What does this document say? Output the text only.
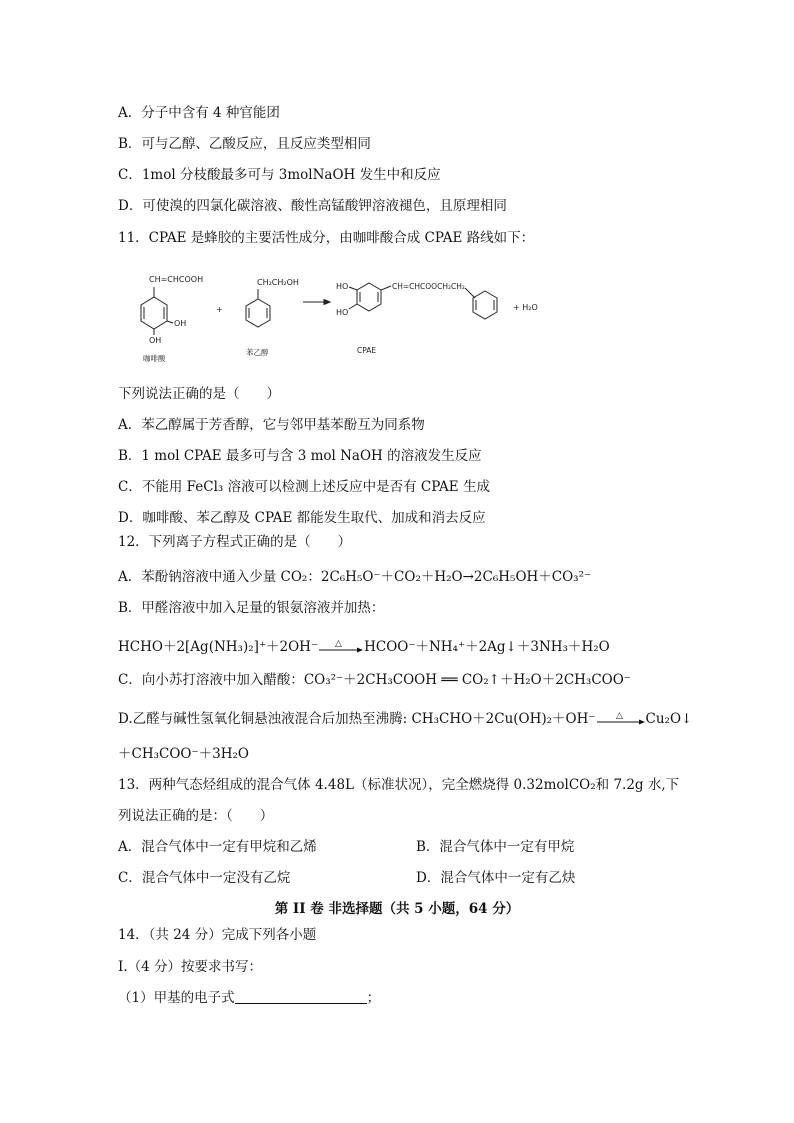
A．分子中含有 4 种官能团
B．可与乙醇、乙酸反应，且反应类型相同
C．1mol 分枝酸最多可与 3molNaOH 发生中和反应
D．可使溴的四氯化碳溶液、酸性高锰酸钾溶液褪色，且原理相同
11．CPAE 是蜂胶的主要活性成分，由咖啡酸合成 CPAE 路线如下：
CH=CHCOOH
OH
OH
咖啡酸
+
CH₂CH₂OH
苯乙醇
HO
HO
CH=CHCOOCH₂CH₂
CPAE
+ H₂O
下列说法正确的是（　　）
A．苯乙醇属于芳香醇，它与邻甲基苯酚互为同系物
B．1 mol CPAE 最多可与含 3 mol NaOH 的溶液发生反应
C．不能用 FeCl₃ 溶液可以检测上述反应中是否有 CPAE 生成
D．咖啡酸、苯乙醇及 CPAE 都能发生取代、加成和消去反应
12．下列离子方程式正确的是（　　）
A．苯酚钠溶液中通入少量 CO₂：2C₆H₅O⁻＋CO₂＋H₂O→2C₆H₅OH＋CO₃²⁻
B．甲醛溶液中加入足量的银氨溶液并加热：
HCHO＋2[Ag(NH₃)₂]⁺＋2OH⁻ △ HCOO⁻＋NH₄⁺＋2Ag↓＋3NH₃＋H₂O
C．向小苏打溶液中加入醋酸：CO₃²⁻＋2CH₃COOH ══ CO₂↑＋H₂O＋2CH₃COO⁻
D.乙醛与碱性氢氧化铜悬浊液混合后加热至沸腾: CH₃CHO＋2Cu(OH)₂＋OH⁻ △ Cu₂O↓
＋CH₃COO⁻＋3H₂O
13．两种气态烃组成的混合气体 4.48L（标准状况），完全燃烧得 0.32molCO₂和 7.2g 水,下
列说法正确的是：（　　）
A．混合气体中一定有甲烷和乙烯	B．混合气体中一定有甲烷
C．混合气体中一定没有乙烷	D．混合气体中一定有乙炔
第 II 卷 非选择题（共 5 小题，64 分）
14．（共 24 分）完成下列各小题
Ⅰ.（4 分）按要求书写：
（1）甲基的电子式	；
